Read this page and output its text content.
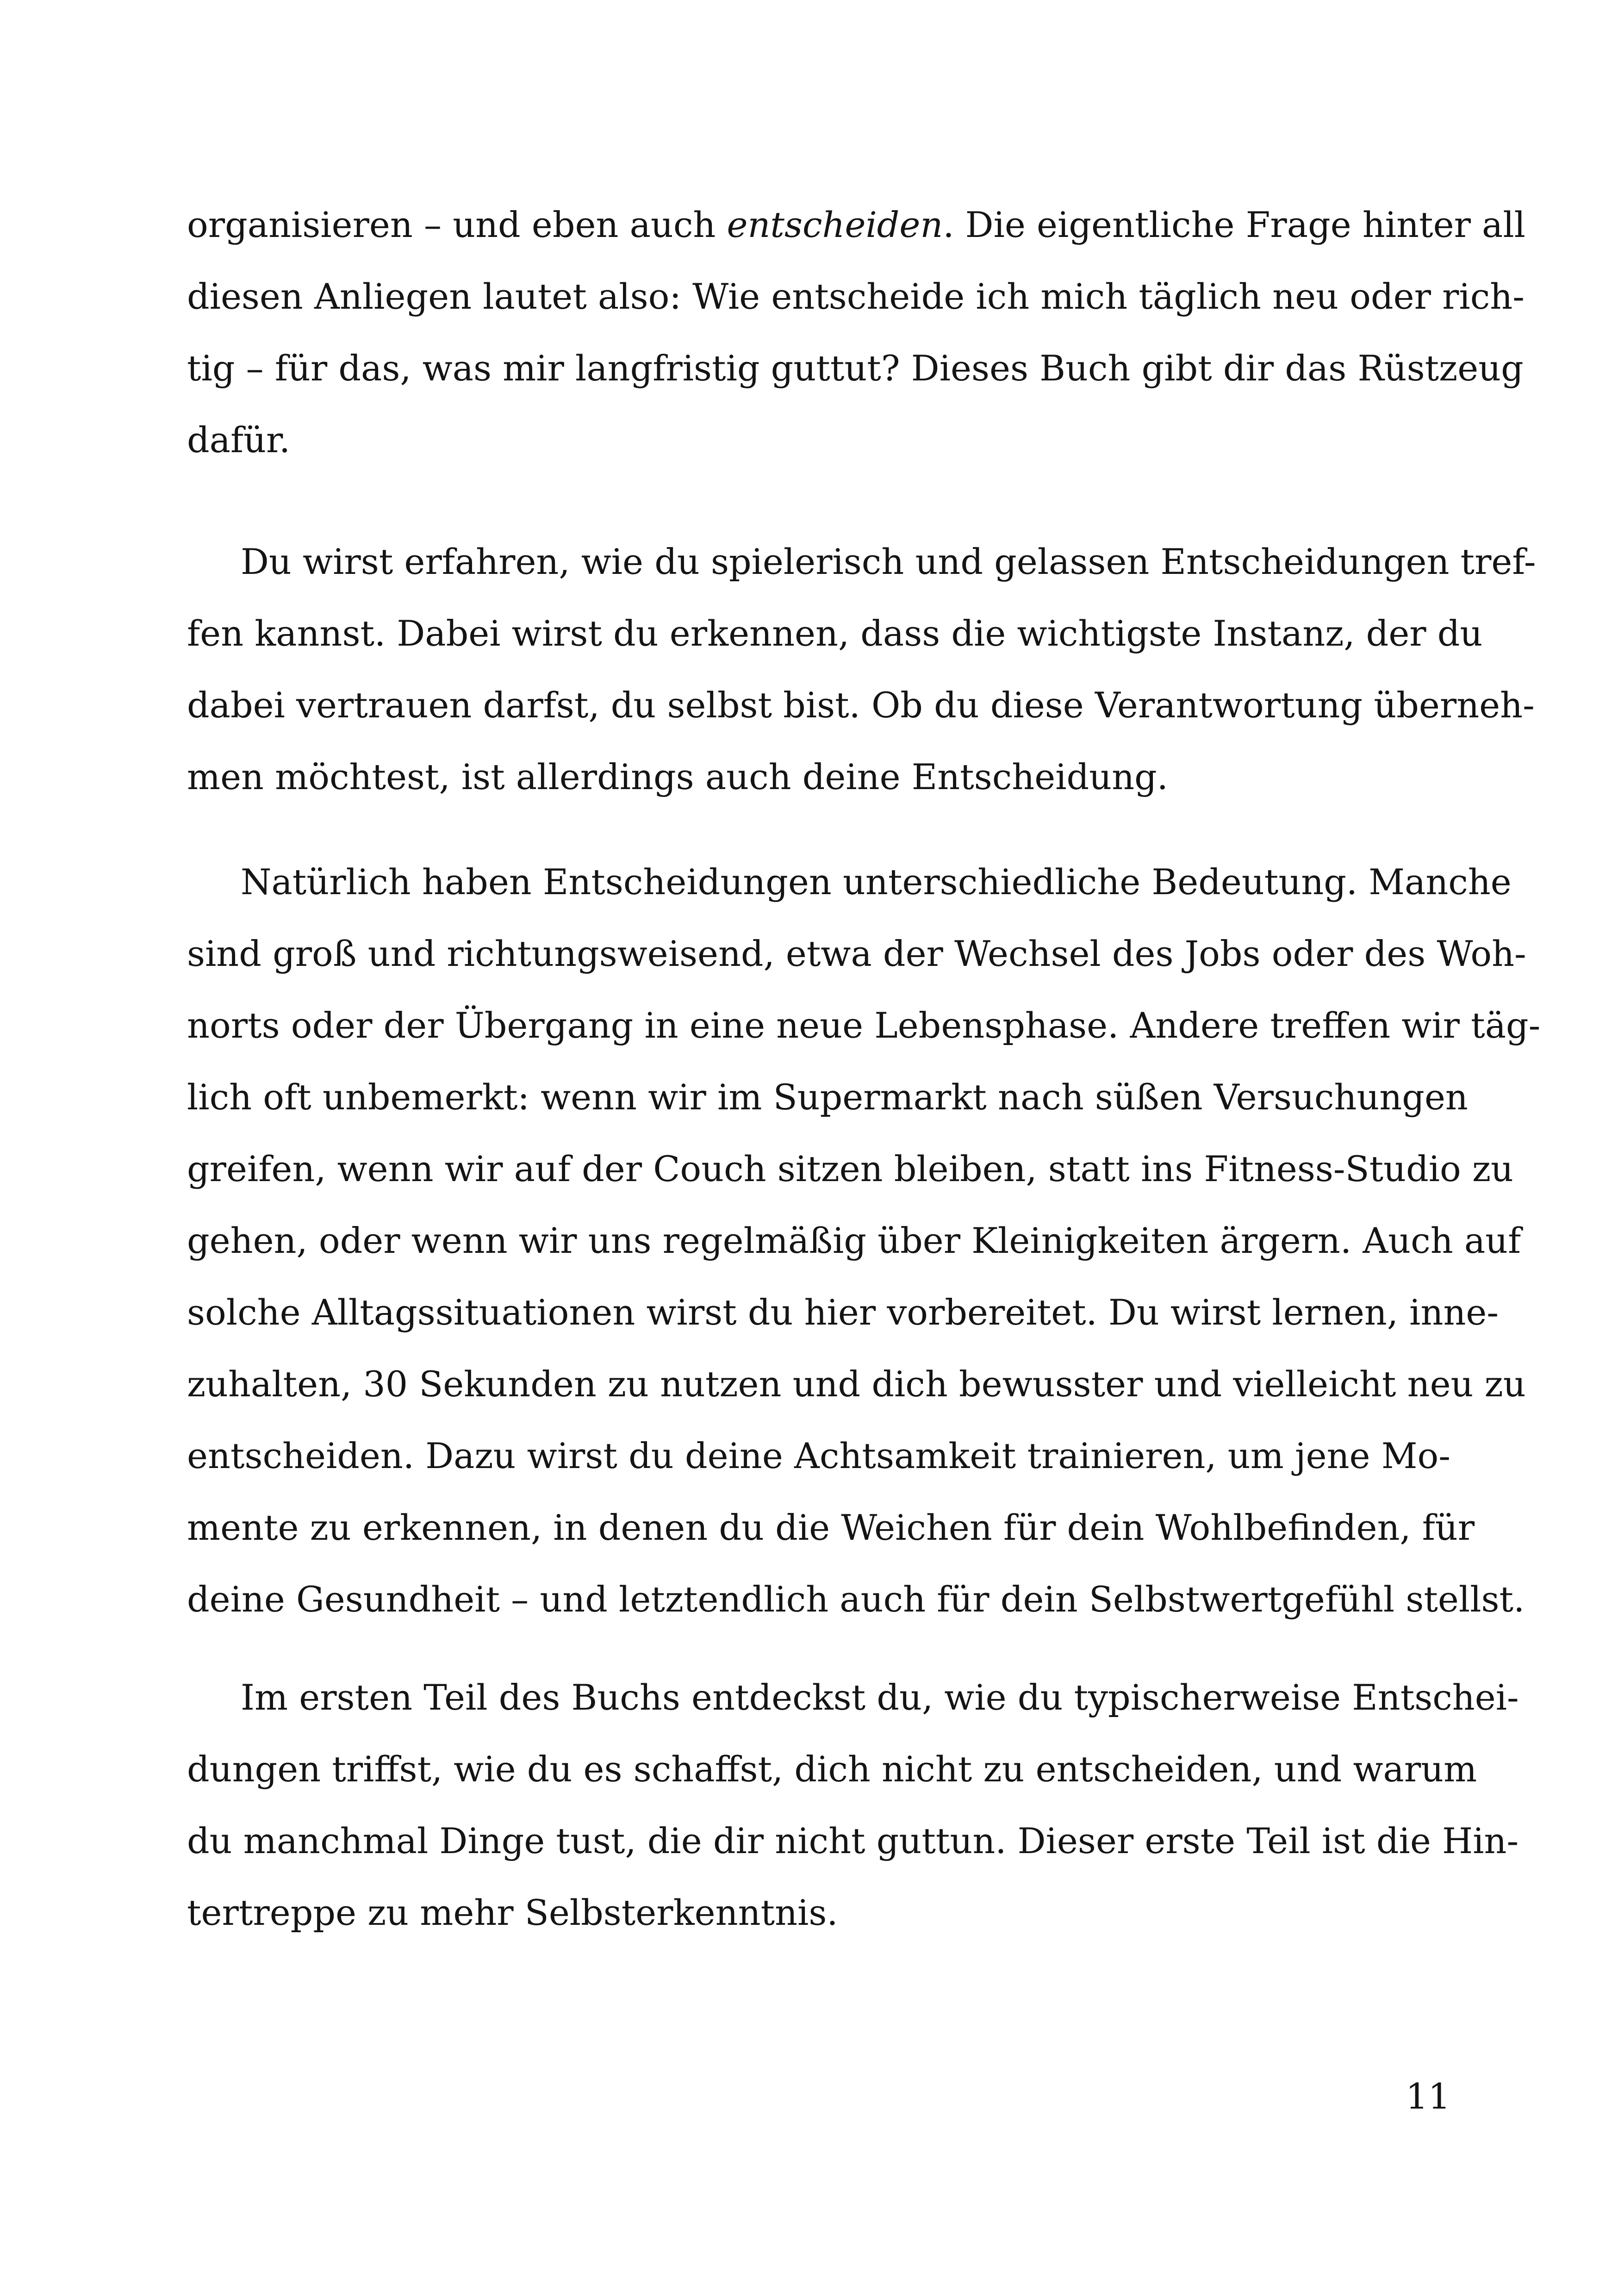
organisieren – und eben auch entscheiden. Die eigentliche Frage hinter all
diesen Anliegen lautet also: Wie entscheide ich mich täglich neu oder rich-
tig – für das, was mir langfristig guttut? Dieses Buch gibt dir das Rüstzeug
dafür.
Du wirst erfahren, wie du spielerisch und gelassen Entscheidungen tref-
fen kannst. Dabei wirst du erkennen, dass die wichtigste Instanz, der du
dabei vertrauen darfst, du selbst bist. Ob du diese Verantwortung überneh-
men möchtest, ist allerdings auch deine Entscheidung.
Natürlich haben Entscheidungen unterschiedliche Bedeutung. Manche
sind groß und richtungsweisend, etwa der Wechsel des Jobs oder des Woh-
norts oder der Übergang in eine neue Lebensphase. Andere treffen wir täg-
lich oft unbemerkt: wenn wir im Supermarkt nach süßen Versuchungen
greifen, wenn wir auf der Couch sitzen bleiben, statt ins Fitness-Studio zu
gehen, oder wenn wir uns regelmäßig über Kleinigkeiten ärgern. Auch auf
solche Alltagssituationen wirst du hier vorbereitet. Du wirst lernen, inne-
zuhalten, 30 Sekunden zu nutzen und dich bewusster und vielleicht neu zu
entscheiden. Dazu wirst du deine Achtsamkeit trainieren, um jene Mo-
mente zu erkennen, in denen du die Weichen für dein Wohlbefinden, für
deine Gesundheit – und letztendlich auch für dein Selbstwertgefühl stellst.
Im ersten Teil des Buchs entdeckst du, wie du typischerweise Entschei-
dungen triffst, wie du es schaffst, dich nicht zu entscheiden, und warum
du manchmal Dinge tust, die dir nicht guttun. Dieser erste Teil ist die Hin-
tertreppe zu mehr Selbsterkenntnis.
11
